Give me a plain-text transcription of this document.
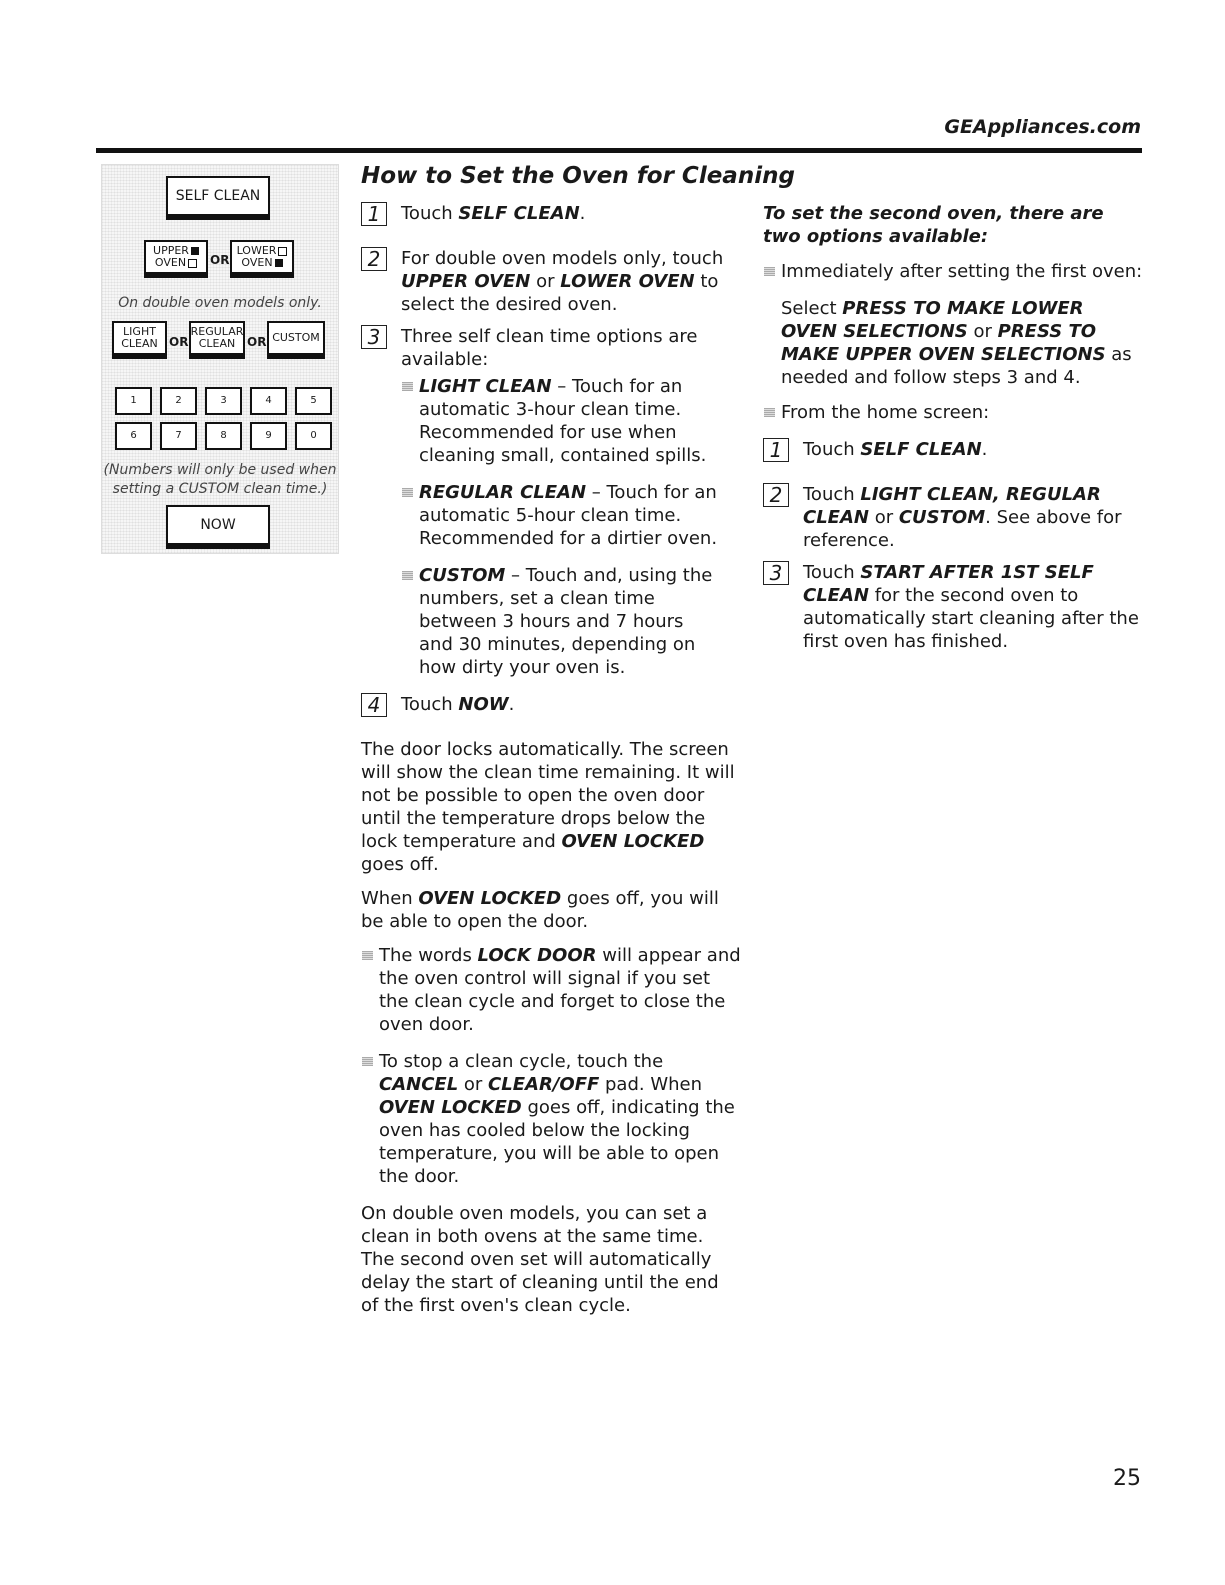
GEAppliances.com
SELF CLEAN
UPPER
OVEN	OR
LOWER
OVEN
On double oven models only.
LIGHT
CLEAN OR
REGULAR
CLEAN OR CUSTOM
1	2	3	4	5
6	7	8	9	0
(Numbers will only be used when
setting a CUSTOM clean time.)
NOW
How to Set the Oven for Cleaning
1	Touch SELF CLEAN.
2	For double oven models only, touch UPPER OVEN or LOWER OVEN to select the desired oven.
3	Three self clean time options are available:
LIGHT CLEAN – Touch for an automatic 3-hour clean time. Recommended for use when cleaning small, contained spills.
REGULAR CLEAN – Touch for an automatic 5-hour clean time. Recommended for a dirtier oven.
CUSTOM – Touch and, using the numbers, set a clean time between 3 hours and 7 hours and 30 minutes, depending on how dirty your oven is.
4	Touch NOW.

The door locks automatically. The screen will show the clean time remaining. It will not be possible to open the oven door until the temperature drops below the lock temperature and OVEN LOCKED goes off.

When OVEN LOCKED goes off, you will be able to open the door.

The words LOCK DOOR will appear and the oven control will signal if you set the clean cycle and forget to close the oven door.
To stop a clean cycle, touch the CANCEL or CLEAR/OFF pad. When OVEN LOCKED goes off, indicating the oven has cooled below the locking temperature, you will be able to open the door.

On double oven models, you can set a clean in both ovens at the same time. The second oven set will automatically delay the start of cleaning until the end of the first oven's clean cycle.

To set the second oven, there are two options available:
Immediately after setting the first oven:
Select PRESS TO MAKE LOWER OVEN SELECTIONS or PRESS TO MAKE UPPER OVEN SELECTIONS as needed and follow steps 3 and 4.
From the home screen:
1	Touch SELF CLEAN.
2	Touch LIGHT CLEAN, REGULAR CLEAN or CUSTOM. See above for reference.
3	Touch START AFTER 1ST SELF CLEAN for the second oven to automatically start cleaning after the first oven has finished.
25
